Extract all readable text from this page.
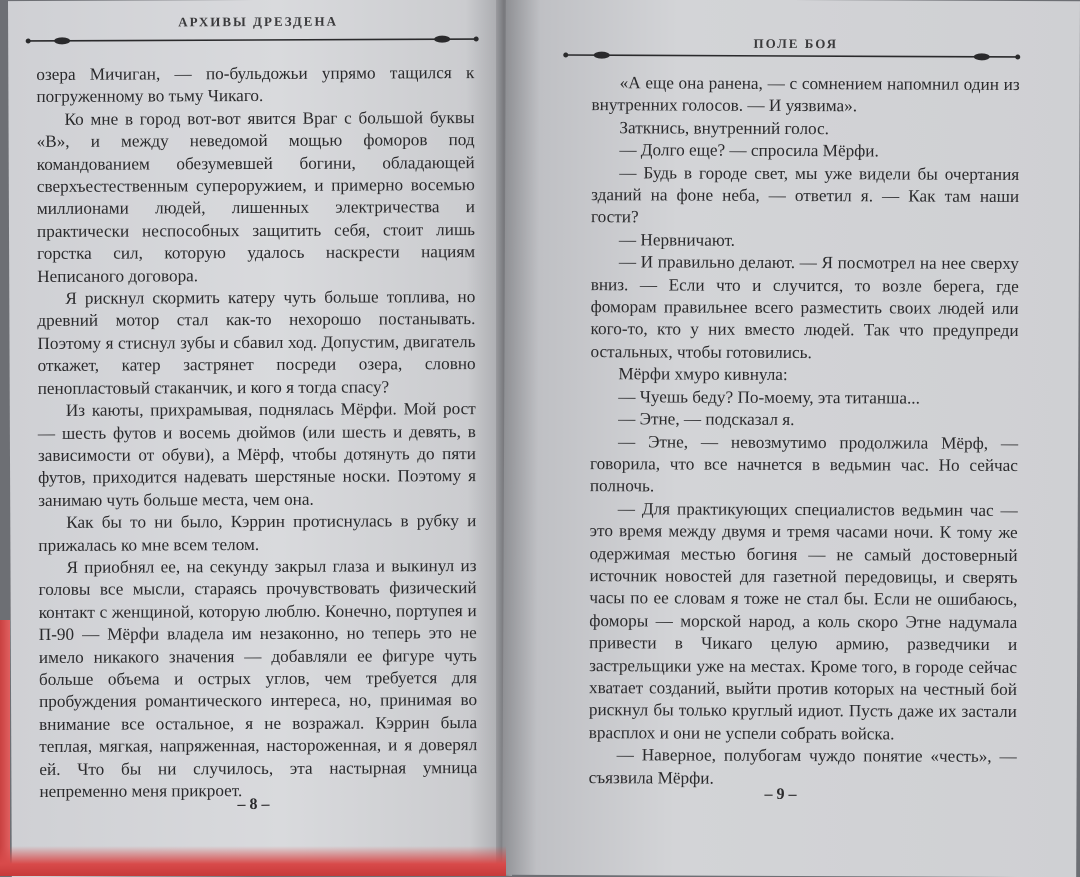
АРХИВЫ ДРЕЗДЕНА

озера Мичиган, — по-бульдожьи упрямо тащился к погруженному во тьму Чикаго.

Ко мне в город вот-вот явится Враг с большой буквы «В», и между неведомой мощью фоморов под командованием обезумевшей богини, обладающей сверхъестественным супероружием, и примерно восемью миллионами людей, лишенных электричества и практически неспособных защитить себя, стоит лишь горстка сил, которую удалось наскрести нациям Неписаного договора.

Я рискнул скормить катеру чуть больше топлива, но древний мотор стал как-то нехорошо постанывать. Поэтому я стиснул зубы и сбавил ход. Допустим, двигатель откажет, катер застрянет посреди озера, словно пенопластовый стаканчик, и кого я тогда спасу?

Из каюты, прихрамывая, поднялась Мёрфи. Мой рост — шесть футов и восемь дюймов (или шесть и девять, в зависимости от обуви), а Мёрф, чтобы дотянуть до пяти футов, приходится надевать шерстяные носки. Поэтому я занимаю чуть больше места, чем она.

Как бы то ни было, Кэррин протиснулась в рубку и прижалась ко мне всем телом.

Я приобнял ее, на секунду закрыл глаза и выкинул из головы все мысли, стараясь прочувствовать физический контакт с женщиной, которую люблю. Конечно, портупея и П-90 — Мёрфи владела им незаконно, но теперь это не имело никакого значения — добавляли ее фигуре чуть больше объема и острых углов, чем требуется для пробуждения романтического интереса, но, принимая во внимание все остальное, я не возражал. Кэррин была теплая, мягкая, напряженная, настороженная, и я доверял ей. Что бы ни случилось, эта настырная умница непременно меня прикроет.

– 8 –
ПОЛЕ БОЯ

«А еще она ранена, — с сомнением напомнил один из внутренних голосов. — И уязвима».

Заткнись, внутренний голос.

— Долго еще? — спросила Мёрфи.

— Будь в городе свет, мы уже видели бы очертания зданий на фоне неба, — ответил я. — Как там наши гости?

— Нервничают.

— И правильно делают. — Я посмотрел на нее сверху вниз. — Если что и случится, то возле берега, где фоморам правильнее всего разместить своих людей или кого-то, кто у них вместо людей. Так что предупреди остальных, чтобы готовились.

Мёрфи хмуро кивнула:

— Чуешь беду? По-моему, эта титанша...

— Этне, — подсказал я.

— Этне, — невозмутимо продолжила Мёрф, — говорила, что все начнется в ведьмин час. Но сейчас полночь.

— Для практикующих специалистов ведьмин час — это время между двумя и тремя часами ночи. К тому же одержимая местью богиня — не самый достоверный источник новостей для газетной передовицы, и сверять часы по ее словам я тоже не стал бы. Если не ошибаюсь, фоморы — морской народ, а коль скоро Этне надумала привести в Чикаго целую армию, разведчики и застрельщики уже на местах. Кроме того, в городе сейчас хватает созданий, выйти против которых на честный бой рискнул бы только круглый идиот. Пусть даже их застали врасплох и они не успели собрать войска.

— Наверное, полубогам чуждо понятие «честь», — съязвила Мёрфи.

– 9 –
